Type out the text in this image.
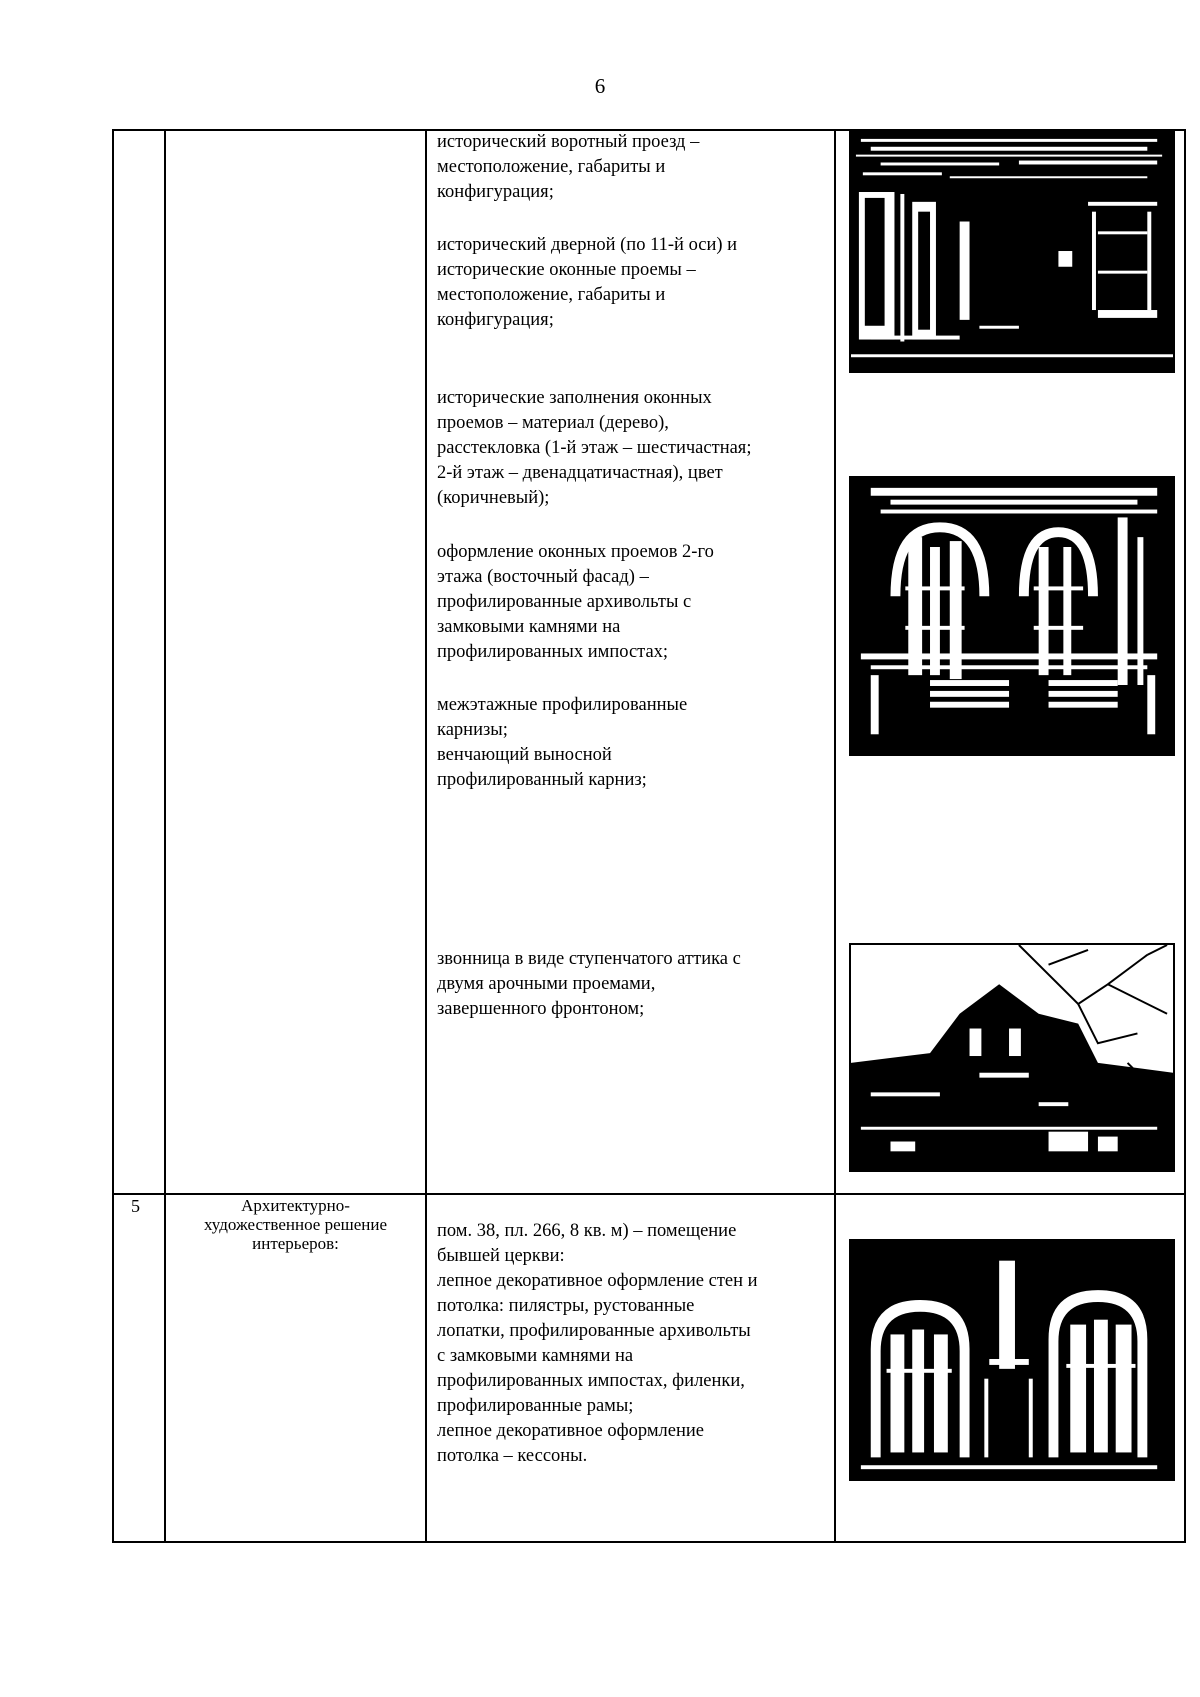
6
исторический воротный проезд –
местоположение, габариты и
конфигурация;
исторический дверной (по 11-й оси) и
исторические оконные проемы –
местоположение, габариты и
конфигурация;
исторические заполнения оконных
проемов – материал (дерево),
расстекловка (1-й этаж – шестичастная;
2-й этаж – двенадцатичастная), цвет
(коричневый);
оформление оконных проемов 2-го
этажа (восточный фасад) –
профилированные архивольты с
замковыми камнями на
профилированных импостах;
межэтажные профилированные
карнизы;
венчающий выносной
профилированный карниз;
звонница в виде ступенчатого аттика с
двумя арочными проемами,
завершенного фронтоном;
5	Архитектурно-
художественное решение
интерьеров:
пом. 38, пл. 266, 8 кв. м) – помещение
бывшей церкви:
лепное декоративное оформление стен и
потолка: пилястры, рустованные
лопатки, профилированные архивольты
с замковыми камнями на
профилированных импостах, филенки,
профилированные рамы;
лепное декоративное оформление
потолка – кессоны.
